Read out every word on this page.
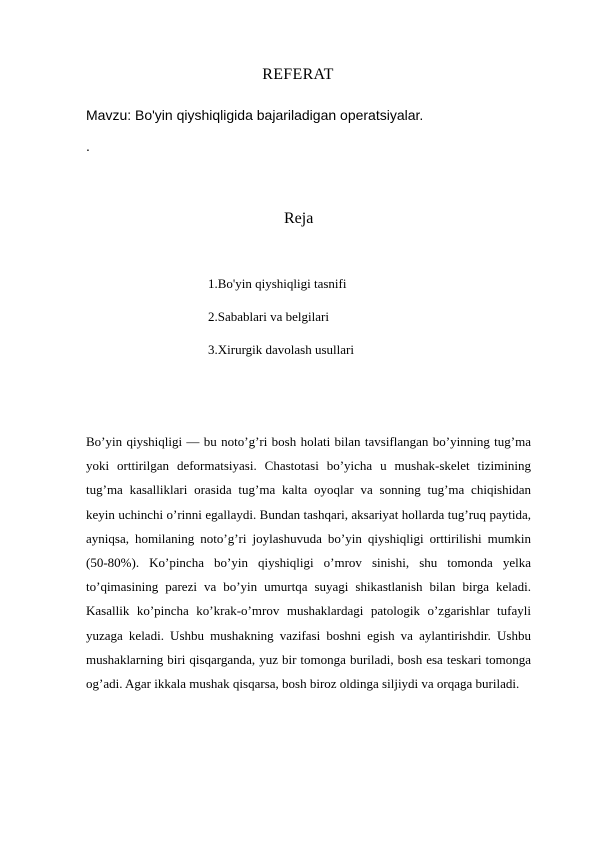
REFERAT
Mavzu: Bo'yin qiyshiqligida bajariladigan operatsiyalar.
.
Reja
1.Bo'yin qiyshiqligi tasnifi
2.Sabablari va belgilari
3.Xirurgik davolash usullari

Bo’yin qiyshiqligi — bu noto’g’ri bosh holati bilan tavsiflangan bo’yinning tug’ma yoki orttirilgan deformatsiyasi. Chastotasi bo’yicha u mushak-skelet tizimining tug’ma kasalliklari orasida tug’ma kalta oyoqlar va sonning tug’ma chiqishidan keyin uchinchi o’rinni egallaydi. Bundan tashqari, aksariyat hollarda tug’ruq paytida, ayniqsa, homilaning noto’g’ri joylashuvuda bo’yin qiyshiqligi orttirilishi mumkin (50-80%). Ko’pincha bo’yin qiyshiqligi o’mrov sinishi, shu tomonda yelka to’qimasining parezi va bo’yin umurtqa suyagi shikastlanish bilan birga keladi. Kasallik ko’pincha ko’krak-o’mrov mushaklardagi patologik o’zgarishlar tufayli yuzaga keladi. Ushbu mushakning vazifasi boshni egish va aylantirishdir. Ushbu mushaklarning biri qisqarganda, yuz bir tomonga buriladi, bosh esa teskari tomonga og’adi. Agar ikkala mushak qisqarsa, bosh biroz oldinga siljiydi va orqaga buriladi.
